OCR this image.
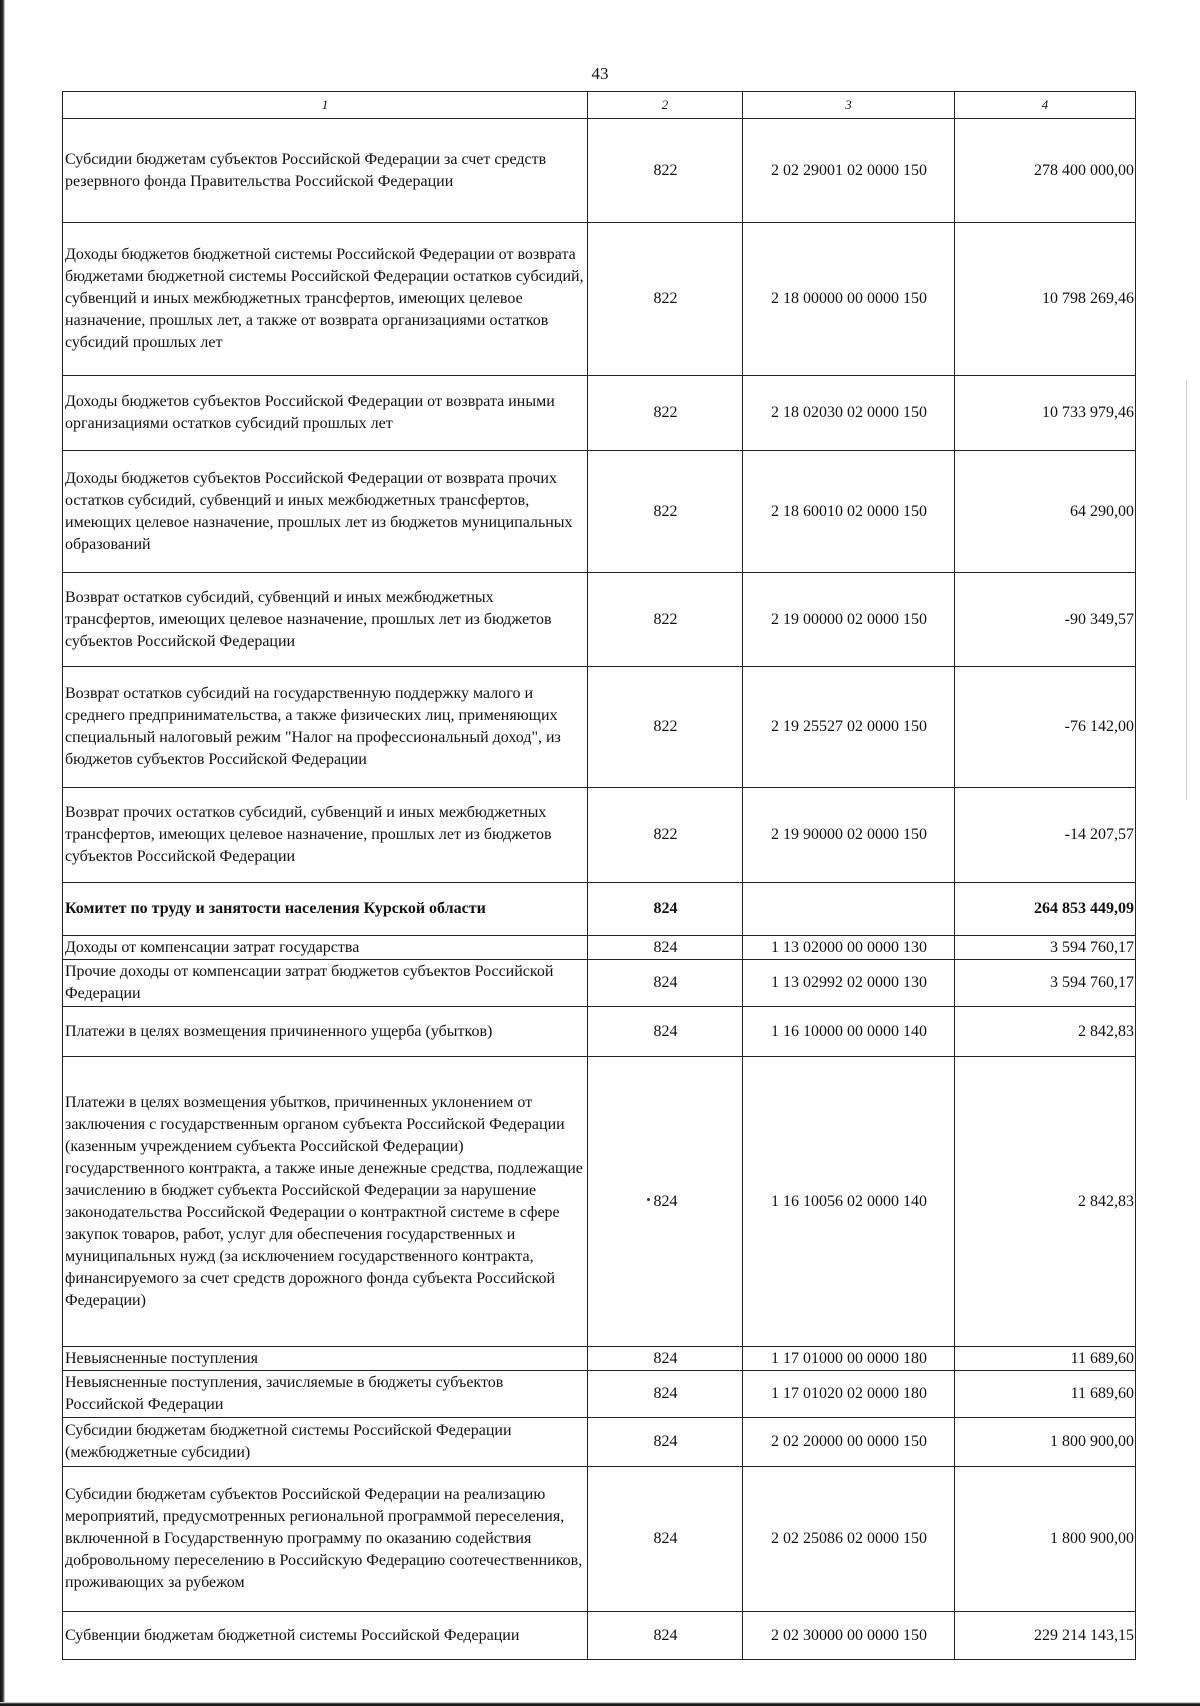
43
1	2	3	4
Субсидии бюджетам субъектов Российской Федерации за счет средств резервного фонда Правительства Российской Федерации	822	2 02 29001 02 0000 150	278 400 000,00
Доходы бюджетов бюджетной системы Российской Федерации от возврата бюджетами бюджетной системы Российской Федерации остатков субсидий, субвенций и иных межбюджетных трансфертов, имеющих целевое назначение, прошлых лет, а также от возврата организациями остатков субсидий прошлых лет	822	2 18 00000 00 0000 150	10 798 269,46
Доходы бюджетов субъектов Российской Федерации от возврата иными организациями остатков субсидий прошлых лет	822	2 18 02030 02 0000 150	10 733 979,46
Доходы бюджетов субъектов Российской Федерации от возврата прочих остатков субсидий, субвенций и иных межбюджетных трансфертов, имеющих целевое назначение, прошлых лет из бюджетов муниципальных образований	822	2 18 60010 02 0000 150	64 290,00
Возврат остатков субсидий, субвенций и иных межбюджетных трансфертов, имеющих целевое назначение, прошлых лет из бюджетов субъектов Российской Федерации	822	2 19 00000 02 0000 150	-90 349,57
Возврат остатков субсидий на государственную поддержку малого и среднего предпринимательства, а также физических лиц, применяющих специальный налоговый режим "Налог на профессиональный доход", из бюджетов субъектов Российской Федерации	822	2 19 25527 02 0000 150	-76 142,00
Возврат прочих остатков субсидий, субвенций и иных межбюджетных трансфертов, имеющих целевое назначение, прошлых лет из бюджетов субъектов Российской Федерации	822	2 19 90000 02 0000 150	-14 207,57
Комитет по труду и занятости населения Курской области	824		264 853 449,09
Доходы от компенсации затрат государства	824	1 13 02000 00 0000 130	3 594 760,17
Прочие доходы от компенсации затрат бюджетов субъектов Российской Федерации	824	1 13 02992 02 0000 130	3 594 760,17
Платежи в целях возмещения причиненного ущерба (убытков)	824	1 16 10000 00 0000 140	2 842,83
Платежи в целях возмещения убытков, причиненных уклонением от заключения с государственным органом субъекта Российской Федерации (казенным учреждением субъекта Российской Федерации) государственного контракта, а также иные денежные средства, подлежащие зачислению в бюджет субъекта Российской Федерации за нарушение законодательства Российской Федерации о контрактной системе в сфере закупок товаров, работ, услуг для обеспечения государственных и муниципальных нужд (за исключением государственного контракта, финансируемого за счет средств дорожного фонда субъекта Российской Федерации)	824	1 16 10056 02 0000 140	2 842,83
Невыясненные поступления	824	1 17 01000 00 0000 180	11 689,60
Невыясненные поступления, зачисляемые в бюджеты субъектов Российской Федерации	824	1 17 01020 02 0000 180	11 689,60
Субсидии бюджетам бюджетной системы Российской Федерации (межбюджетные субсидии)	824	2 02 20000 00 0000 150	1 800 900,00
Субсидии бюджетам субъектов Российской Федерации на реализацию мероприятий, предусмотренных региональной программой переселения, включенной в Государственную программу по оказанию содействия добровольному переселению в Российскую Федерацию соотечественников, проживающих за рубежом	824	2 02 25086 02 0000 150	1 800 900,00
Субвенции бюджетам бюджетной системы Российской Федерации	824	2 02 30000 00 0000 150	229 214 143,15
